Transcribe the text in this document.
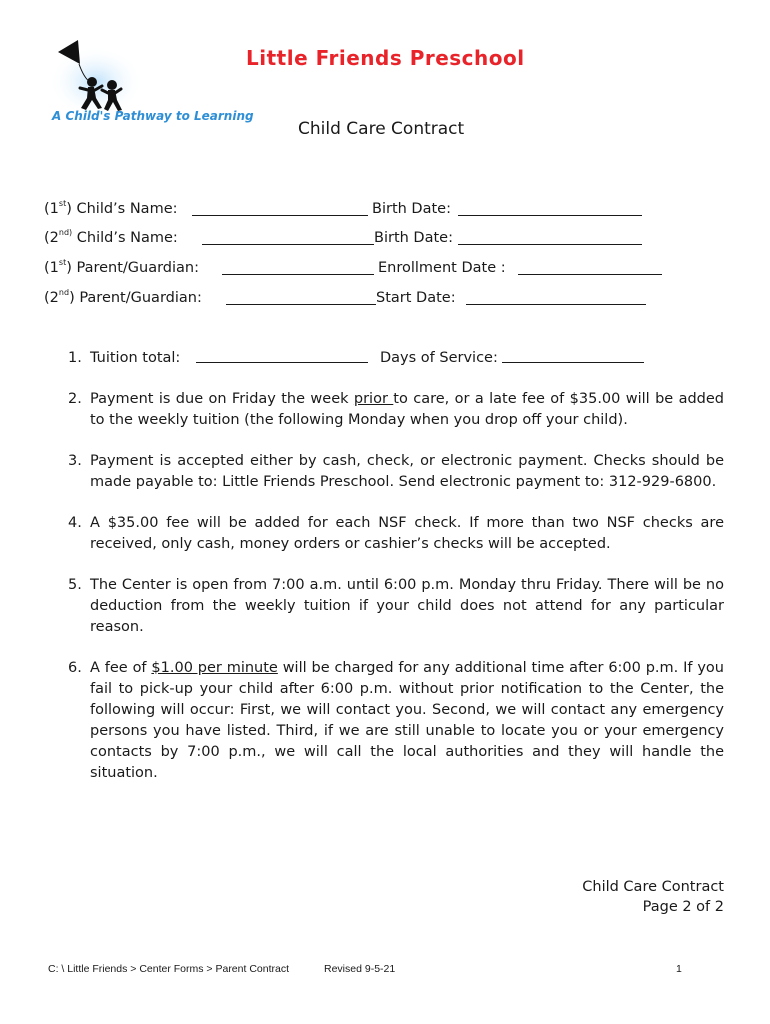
A Child's Pathway to Learning
Little Friends Preschool
Child Care Contract
(1st) Child’s Name:	Birth Date:
($2^{nd)}$ Child’s Name:	Birth Date:
(1st) Parent/Guardian:	Enrollment Date :
(2nd) Parent/Guardian:	Start Date:
1. Tuition total:	Days of Service:
2. Payment is due on Friday the week prior to care, or a late fee of $35.00 will be added to the weekly tuition (the following Monday when you drop off your child).
3. Payment is accepted either by cash, check, or electronic payment. Checks should be made payable to: Little Friends Preschool. Send electronic payment to: 312-929-6800.
4. A $35.00 fee will be added for each NSF check. If more than two NSF checks are received, only cash, money orders or cashier’s checks will be accepted.
5. The Center is open from 7:00 a.m. until 6:00 p.m. Monday thru Friday. There will be no deduction from the weekly tuition if your child does not attend for any particular reason.
6. A fee of $1.00 per minute will be charged for any additional time after 6:00 p.m. If you fail to pick-up your child after 6:00 p.m. without prior notification to the Center, the following will occur: First, we will contact you. Second, we will contact any emergency persons you have listed. Third, if we are still unable to locate you or your emergency contacts by 7:00 p.m., we will call the local authorities and they will handle the situation.
Child Care Contract
Page 2 of 2
C: \ Little Friends > Center Forms > Parent Contract	Revised 9-5-21	1
